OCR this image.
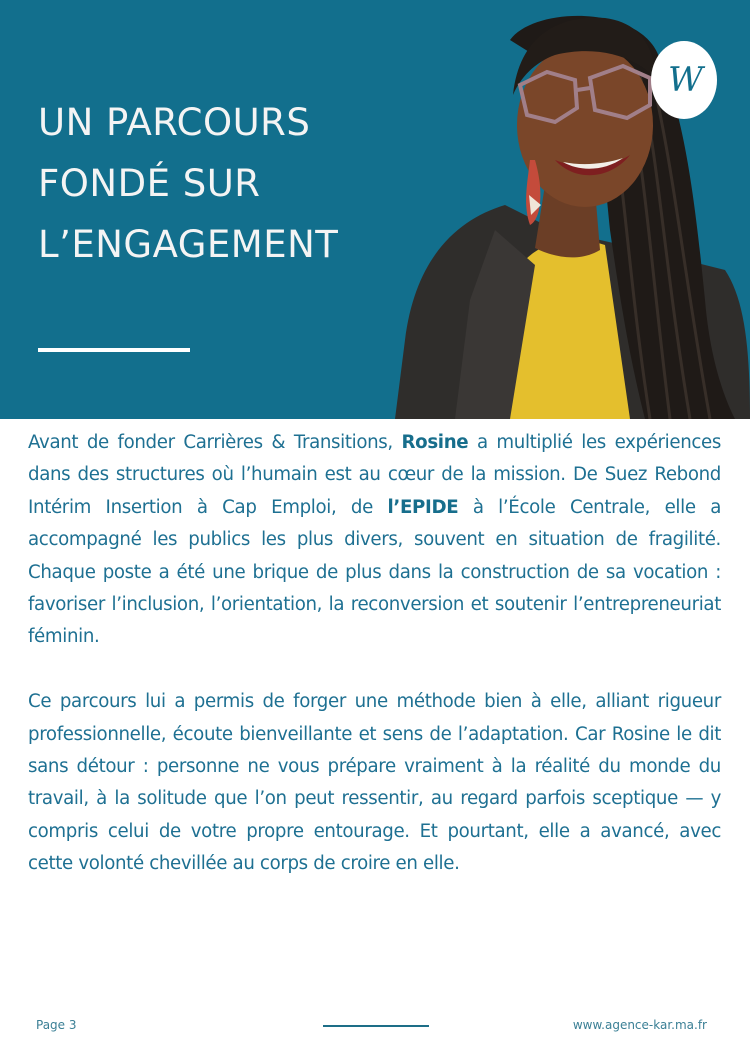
UN PARCOURS
FONDÉ SUR
L’ENGAGEMENT
W

Avant de fonder Carrières & Transitions, Rosine a multiplié les expériences dans des structures où l’humain est au cœur de la mission. De Suez Rebond Intérim Insertion à Cap Emploi, de l’EPIDE à l’École Centrale, elle a accompagné les publics les plus divers, souvent en situation de fragilité. Chaque poste a été une brique de plus dans la construction de sa vocation : favoriser l’inclusion, l’orientation, la reconversion et soutenir l’entrepreneuriat féminin.

Ce parcours lui a permis de forger une méthode bien à elle, alliant rigueur professionnelle, écoute bienveillante et sens de l’adaptation. Car Rosine le dit sans détour : personne ne vous prépare vraiment à la réalité du monde du travail, à la solitude que l’on peut ressentir, au regard parfois sceptique — y compris celui de votre propre entourage. Et pourtant, elle a avancé, avec cette volonté chevillée au corps de croire en elle.

Page 3	www.agence-kar.ma.fr
